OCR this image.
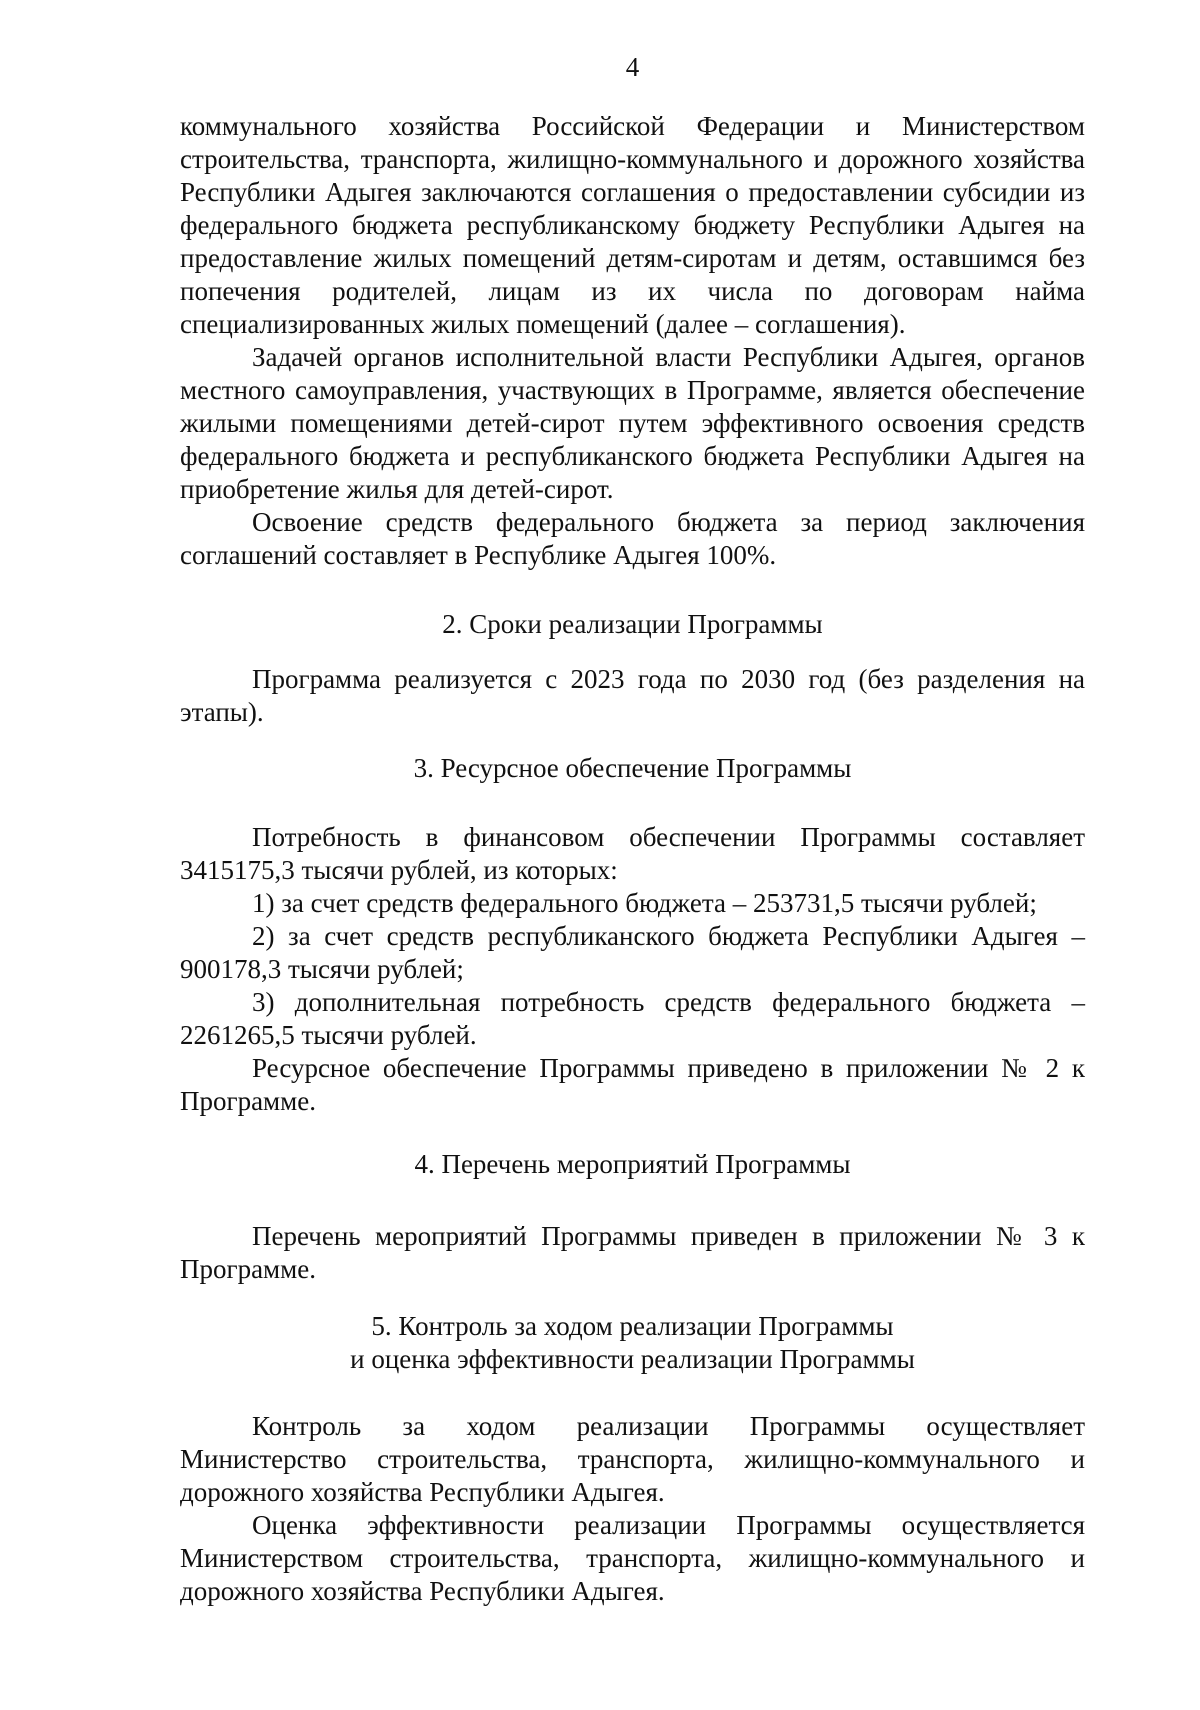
4

коммунального хозяйства Российской Федерации и Министерством строительства, транспорта, жилищно-коммунального и дорожного хозяйства Республики Адыгея заключаются соглашения о предоставлении субсидии из федерального бюджета республиканскому бюджету Республики Адыгея на предоставление жилых помещений детям-сиротам и детям, оставшимся без попечения родителей, лицам из их числа по договорам найма специализированных жилых помещений (далее – соглашения).

Задачей органов исполнительной власти Республики Адыгея, органов местного самоуправления, участвующих в Программе, является обеспечение жилыми помещениями детей-сирот путем эффективного освоения средств федерального бюджета и республиканского бюджета Республики Адыгея на приобретение жилья для детей-сирот.

Освоение средств федерального бюджета за период заключения соглашений составляет в Республике Адыгея 100%.

2. Сроки реализации Программы

Программа реализуется с 2023 года по 2030 год (без разделения на этапы).

3. Ресурсное обеспечение Программы

Потребность в финансовом обеспечении Программы составляет 3415175,3 тысячи рублей, из которых:

1) за счет средств федерального бюджета – 253731,5 тысячи рублей;

2) за счет средств республиканского бюджета Республики Адыгея – 900178,3 тысячи рублей;

3) дополнительная потребность средств федерального бюджета – 2261265,5 тысячи рублей.

Ресурсное обеспечение Программы приведено в приложении № 2 к Программе.

4. Перечень мероприятий Программы

Перечень мероприятий Программы приведен в приложении № 3 к Программе.

5. Контроль за ходом реализации Программы
и оценка эффективности реализации Программы

Контроль за ходом реализации Программы осуществляет Министерство строительства, транспорта, жилищно-коммунального и дорожного хозяйства Республики Адыгея.

Оценка эффективности реализации Программы осуществляется Министерством строительства, транспорта, жилищно-коммунального и дорожного хозяйства Республики Адыгея.
